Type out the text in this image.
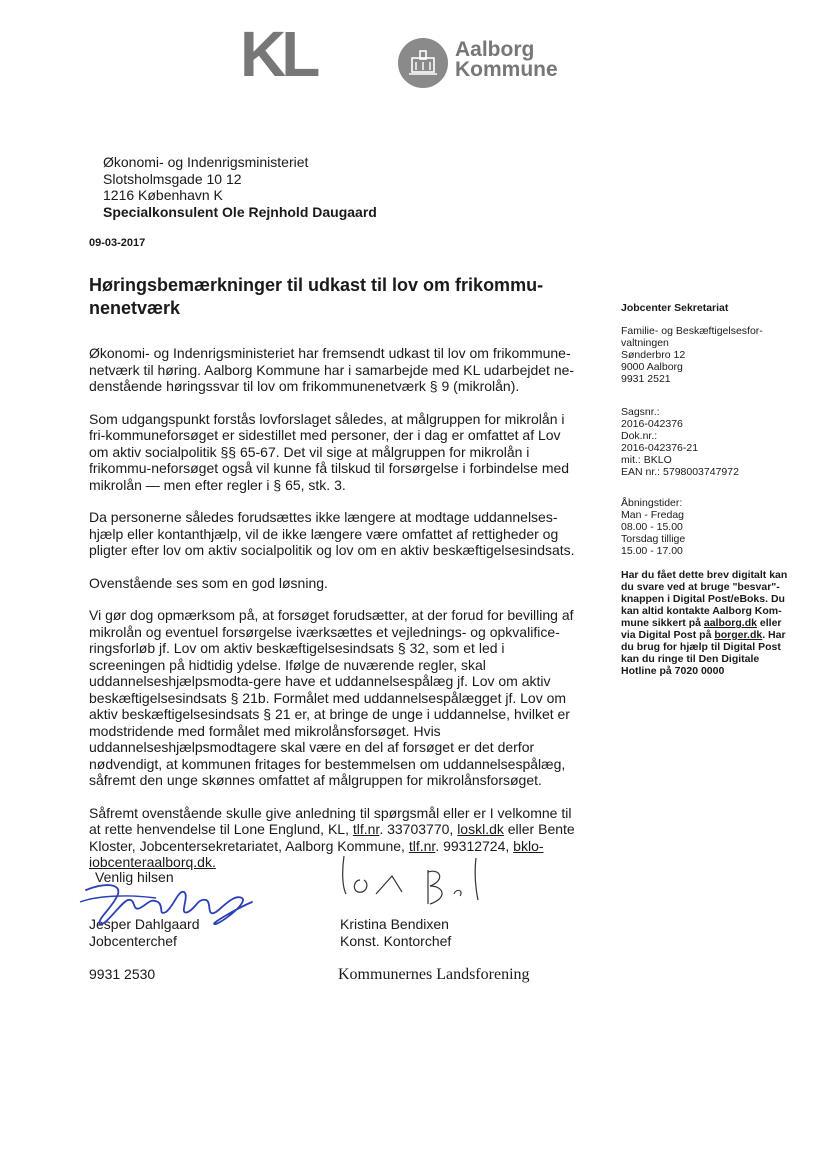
KL	Aalborg
Kommune
Økonomi- og Indenrigsministeriet
Slotsholmsgade 10 12
1216 København K
Specialkonsulent Ole Rejnhold Daugaard
09-03-2017
Høringsbemærkninger til udkast til lov om frikommu-nenetværk

Økonomi- og Indenrigsministeriet har fremsendt udkast til lov om frikommune-netværk til høring. Aalborg Kommune har i samarbejde med KL udarbejdet ne-denstående høringssvar til lov om frikommunenetværk § 9 (mikrolån).

Som udgangspunkt forstås lovforslaget således, at målgruppen for mikrolån i fri-kommuneforsøget er sidestillet med personer, der i dag er omfattet af Lov om aktiv socialpolitik §§ 65-67. Det vil sige at målgruppen for mikrolån i frikommu-neforsøget også vil kunne få tilskud til forsørgelse i forbindelse med mikrolån — men efter regler i § 65, stk. 3.

Da personerne således forudsættes ikke længere at modtage uddannelses-hjælp eller kontanthjælp, vil de ikke længere være omfattet af rettigheder og pligter efter lov om aktiv socialpolitik og lov om en aktiv beskæftigelsesindsats.

Ovenstående ses som en god løsning.

Vi gør dog opmærksom på, at forsøget forudsætter, at der forud for bevilling af mikrolån og eventuel forsørgelse iværksættes et vejlednings- og opkvalifice-ringsforløb jf. Lov om aktiv beskæftigelsesindsats § 32, som et led i screeningen på hidtidig ydelse. Ifølge de nuværende regler, skal uddannelseshjælpsmodta-gere have et uddannelsespålæg jf. Lov om aktiv beskæftigelsesindsats § 21b. Formålet med uddannelsespålægget jf. Lov om aktiv beskæftigelsesindsats § 21 er, at bringe de unge i uddannelse, hvilket er modstridende med formålet med mikrolånsforsøget. Hvis uddannelseshjælpsmodtagere skal være en del af forsøget er det derfor nødvendigt, at kommunen fritages for bestemmelsen om uddannelsespålæg, såfremt den unge skønnes omfattet af målgruppen for mikrolånsforsøget.

Såfremt ovenstående skulle give anledning til spørgsmål eller er I velkomne til at rette henvendelse til Lone Englund, KL, tlf.nr. 33703770, loskl.dk eller Bente Kloster, Jobcentersekretariatet, Aalborg Kommune, tlf.nr. 99312724, bklo-iobcenteraalborq.dk.

Jobcenter Sekretariat
Familie- og Beskæftigelsesfor-
valtningen
Sønderbro 12
9000 Aalborg
9931 2521
Sagsnr.:
2016-042376
Dok.nr.:
2016-042376-21
mit.: BKLO
EAN nr.: 5798003747972
Åbningstider:
Man - Fredag
08.00 - 15.00
Torsdag tillige
15.00 - 17.00
Har du fået dette brev digitalt kan
du svare ved at bruge "besvar"-
knappen i Digital Post/eBoks. Du
kan altid kontakte Aalborg Kom-
mune sikkert på aalborg.dk eller
via Digital Post på borger.dk. Har
du brug for hjælp til Digital Post
kan du ringe til Den Digitale
Hotline på 7020 0000
Venlig hilsen
Jesper Dahlgaard
Jobcenterchef
Kristina Bendixen
Konst. Kontorchef
9931 2530	Kommunernes Landsforening
